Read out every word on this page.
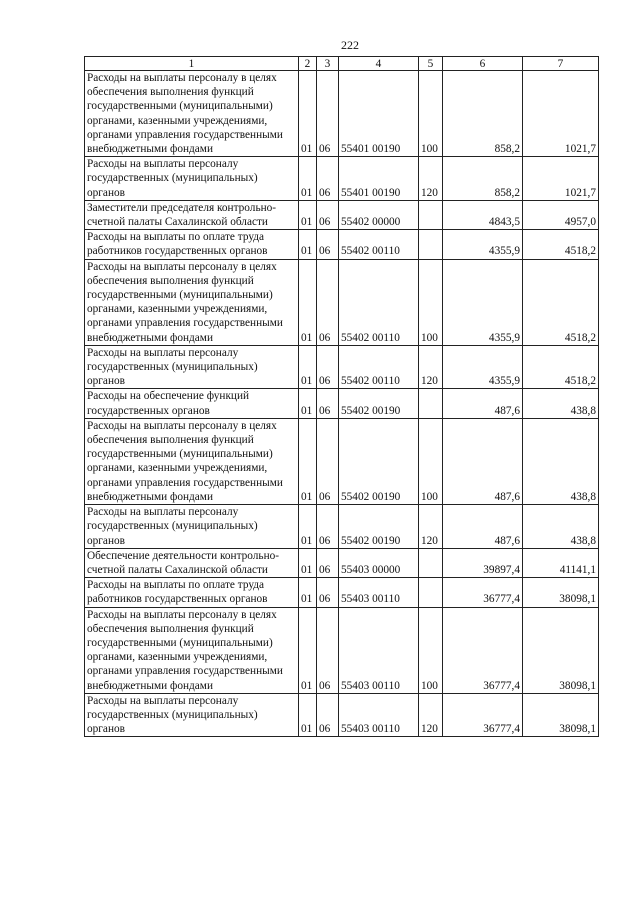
222
1	2	3	4	5	6	7
Расходы на выплаты персоналу в целях обеспечения выполнения функций государственными (муниципальными) органами, казенными учреждениями, органами управления государственными внебюджетными фондами	01	06	55401 00190	100	858,2	1021,7
Расходы на выплаты персоналу государственных (муниципальных) органов	01	06	55401 00190	120	858,2	1021,7
Заместители председателя контрольно-счетной палаты Сахалинской области	01	06	55402 00000		4843,5	4957,0
Расходы на выплаты по оплате труда работников государственных органов	01	06	55402 00110		4355,9	4518,2
Расходы на выплаты персоналу в целях обеспечения выполнения функций государственными (муниципальными) органами, казенными учреждениями, органами управления государственными внебюджетными фондами	01	06	55402 00110	100	4355,9	4518,2
Расходы на выплаты персоналу государственных (муниципальных) органов	01	06	55402 00110	120	4355,9	4518,2
Расходы на обеспечение функций государственных органов	01	06	55402 00190		487,6	438,8
Расходы на выплаты персоналу в целях обеспечения выполнения функций государственными (муниципальными) органами, казенными учреждениями, органами управления государственными внебюджетными фондами	01	06	55402 00190	100	487,6	438,8
Расходы на выплаты персоналу государственных (муниципальных) органов	01	06	55402 00190	120	487,6	438,8
Обеспечение деятельности контрольно-счетной палаты Сахалинской области	01	06	55403 00000		39897,4	41141,1
Расходы на выплаты по оплате труда работников государственных органов	01	06	55403 00110		36777,4	38098,1
Расходы на выплаты персоналу в целях обеспечения выполнения функций государственными (муниципальными) органами, казенными учреждениями, органами управления государственными внебюджетными фондами	01	06	55403 00110	100	36777,4	38098,1
Расходы на выплаты персоналу государственных (муниципальных) органов	01	06	55403 00110	120	36777,4	38098,1
